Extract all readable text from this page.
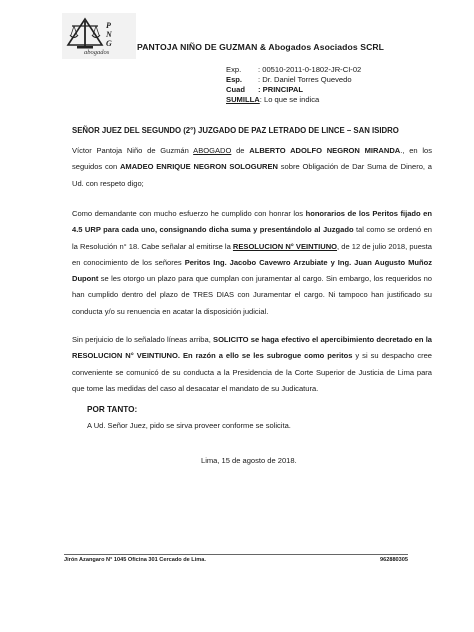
P N G
abogados
PANTOJA NIÑO DE GUZMAN & Abogados Asociados SCRL
Exp.	: 00510-2011-0-1802-JR-CI-02
Esp.	: Dr. Daniel Torres Quevedo
Cuad	: PRINCIPAL
SUMILLA : Lo que se indica
SEÑOR JUEZ DEL SEGUNDO (2°) JUZGADO DE PAZ LETRADO DE LINCE – SAN ISIDRO
Víctor Pantoja Niño de Guzmán ABOGADO de ALBERTO ADOLFO NEGRON MIRANDA., en los seguidos con AMADEO ENRIQUE NEGRON SOLOGUREN sobre Obligación de Dar Suma de Dinero, a Ud. con respeto digo;
Como demandante con mucho esfuerzo he cumplido con honrar los honorarios de los Peritos fijado en 4.5 URP para cada uno, consignando dicha suma y presentándolo al Juzgado tal como se ordenó en la Resolución n° 18. Cabe señalar al emitirse la RESOLUCION N° VEINTIUNO, de 12 de julio 2018, puesta en conocimiento de los señores Peritos Ing. Jacobo Cavewro Arzubiate y Ing. Juan Augusto Muñoz Dupont se les otorgo un plazo para que cumplan con juramentar al cargo. Sin embargo, los requeridos no han cumplido dentro del plazo de TRES DIAS con Juramentar el cargo. Ni tampoco han justificado su conducta y/o su renuencia en acatar la disposición judicial.
Sin perjuicio de lo señalado líneas arriba, SOLICITO se haga efectivo el apercibimiento decretado en la RESOLUCION N° VEINTIUNO. En razón a ello se les subrogue como peritos y si su despacho cree conveniente se comunicó de su conducta a la Presidencia de la Corte Superior de Justicia de Lima para que tome las medidas del caso al desacatar el mandato de su Judicatura.
POR TANTO:
A Ud. Señor Juez, pido se sirva proveer conforme se solicita.
Lima, 15 de agosto de 2018.
Jirón Azangaro N° 1045 Oficina 301 Cercado de Lima.	962880305
